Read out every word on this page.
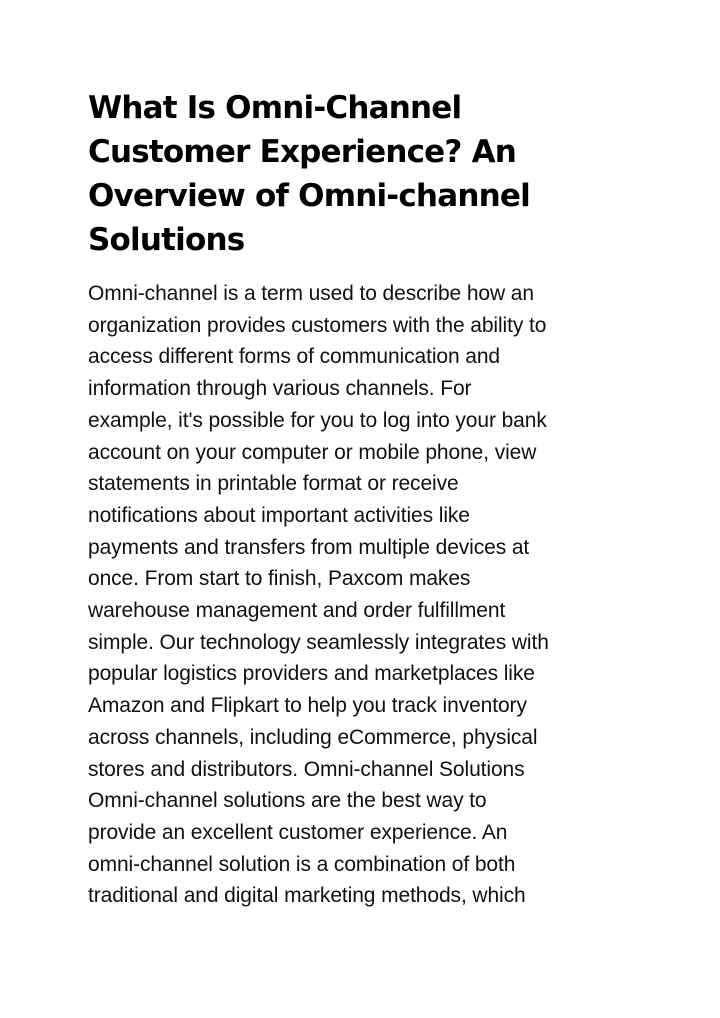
What Is Omni-Channel
Customer Experience? An
Overview of Omni-channel
Solutions

Omni-channel is a term used to describe how an
organization provides customers with the ability to
access different forms of communication and
information through various channels. For
example, it's possible for you to log into your bank
account on your computer or mobile phone, view
statements in printable format or receive
notifications about important activities like
payments and transfers from multiple devices at
once. From start to finish, Paxcom makes
warehouse management and order fulfillment
simple. Our technology seamlessly integrates with
popular logistics providers and marketplaces like
Amazon and Flipkart to help you track inventory
across channels, including eCommerce, physical
stores and distributors. Omni-channel Solutions
Omni-channel solutions are the best way to
provide an excellent customer experience. An
omni-channel solution is a combination of both
traditional and digital marketing methods, which
